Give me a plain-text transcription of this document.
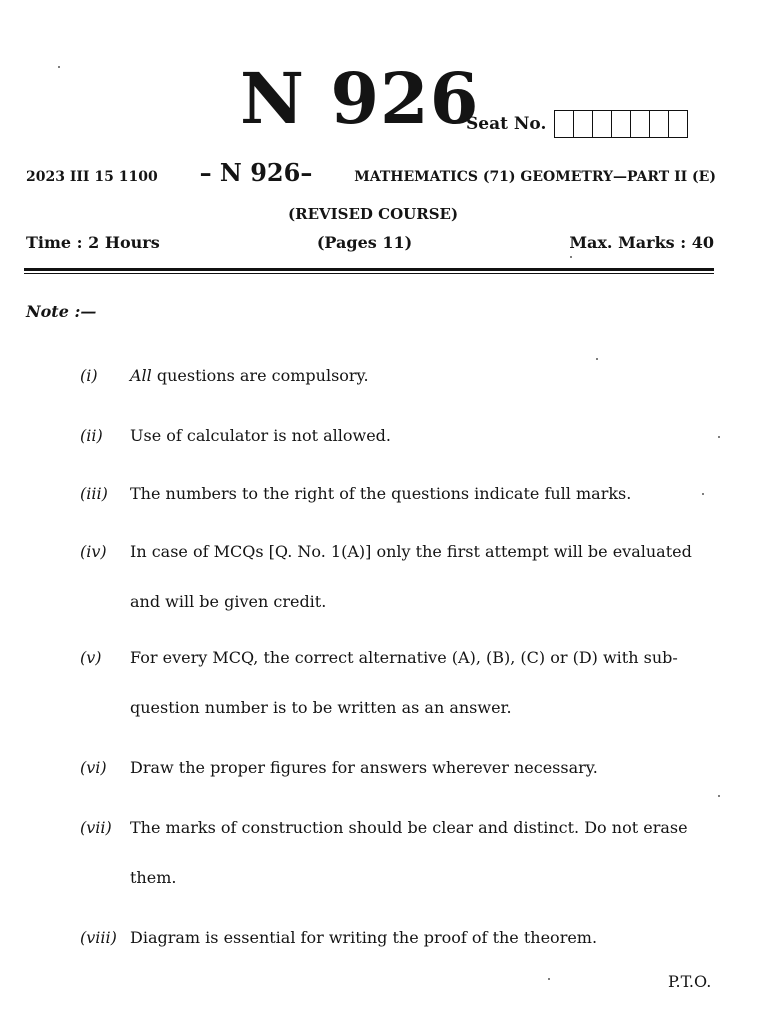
N 926
Seat No.
2023 III 15 1100 – N 926–	MATHEMATICS (71) GEOMETRY—PART II (E)
(REVISED COURSE)
Time : 2 Hours	(Pages 11)	Max. Marks : 40
Note :—
(i) All questions are compulsory.
(ii) Use of calculator is not allowed.
(iii) The numbers to the right of the questions indicate full marks.
(iv) In case of MCQs [Q. No. 1(A)] only the first attempt will be evaluated and will be given credit.
(v) For every MCQ, the correct alternative (A), (B), (C) or (D) with sub-question number is to be written as an answer.
(vi) Draw the proper figures for answers wherever necessary.
(vii) The marks of construction should be clear and distinct. Do not erase them.
(viii) Diagram is essential for writing the proof of the theorem.
P.T.O.
